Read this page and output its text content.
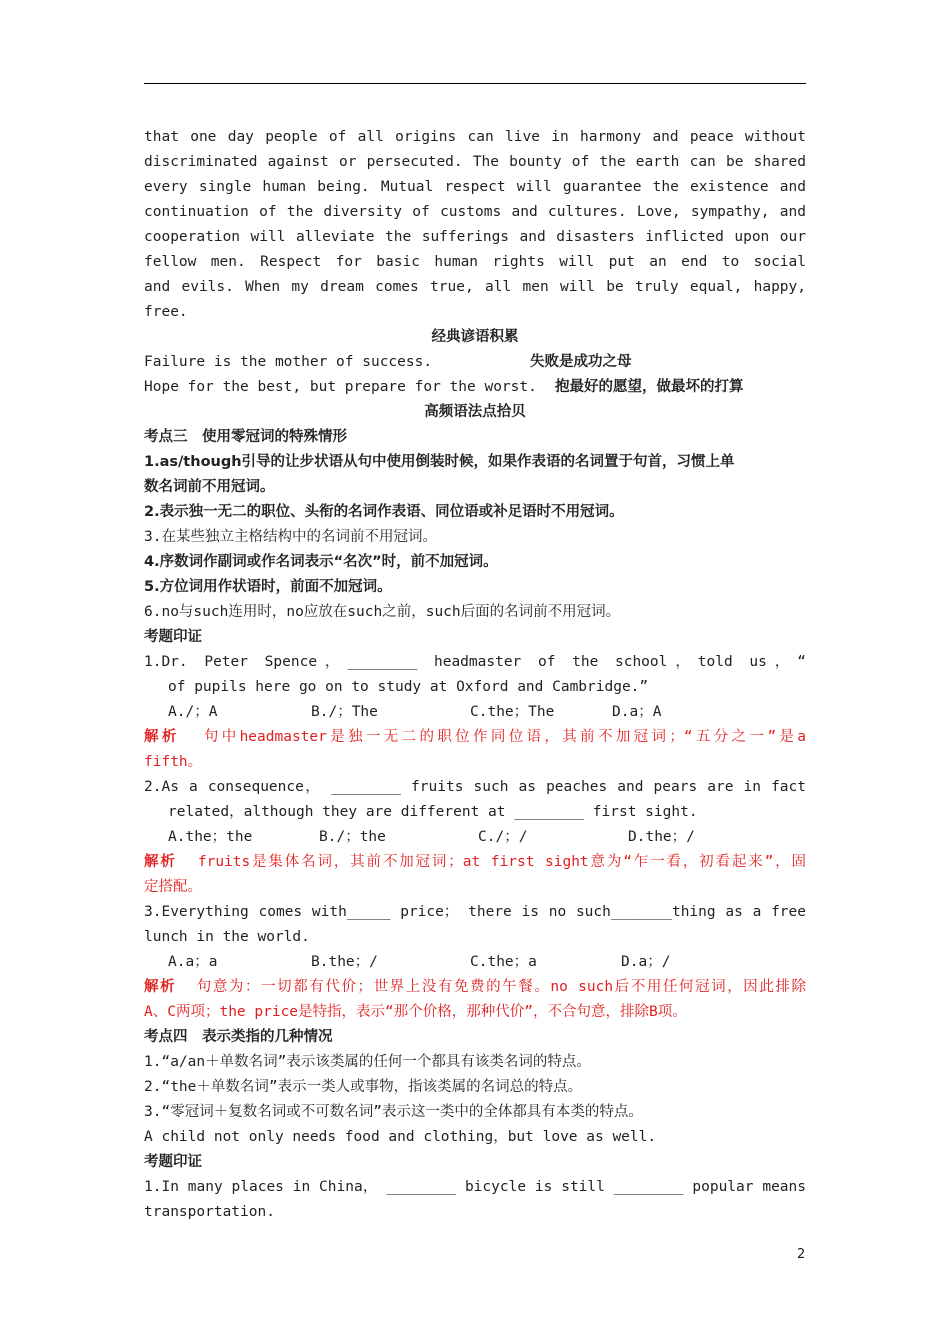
that one day people of all origins can live in harmony and peace without
discriminated against or persecuted. The bounty of the earth can be shared
every single human being. Mutual respect will guarantee the existence and
continuation of the diversity of customs and cultures. Love, sympathy, and
cooperation will alleviate the sufferings and disasters inflicted upon our
fellow men. Respect for basic human rights will put an end to social
and evils. When my dream comes true, all men will be truly equal, happy,
free.
经典谚语积累
Failure is the mother of success.	失败是成功之母
Hope for the best, but prepare for the worst. 抱最好的愿望，做最坏的打算
高频语法点拾贝
考点三　使用零冠词的特殊情形
1.as/though引导的让步状语从句中使用倒装时候，如果作表语的名词置于句首，习惯上单
数名词前不用冠词。
2.表示独一无二的职位、头衔的名词作表语、同位语或补足语时不用冠词。
3.在某些独立主格结构中的名词前不用冠词。
4.序数词作副词或作名词表示“名次”时，前不加冠词。
5.方位词用作状语时，前面不加冠词。
6.no与such连用时，no应放在such之前，such后面的名词前不用冠词。
考题印证
1.Dr. Peter Spence，________ headmaster of the school，told us，“
of pupils here go on to study at Oxford and Cambridge.”
A./；A	B./；The	C.the；The	D.a；A
解析 句中headmaster是独一无二的职位作同位语，其前不加冠词；“五分之一”是a
fifth。
2.As a consequence， ________ fruits such as peaches and pears are in fact
related，although they are different at ________ first sight.
A.the；the	B./；the	C./；/	D.the；/
解析 fruits是集体名词，其前不加冠词；at first sight意为“乍一看，初看起来”，固
定搭配。
3.Everything comes with_____ price； there is no such_______thing as a free
lunch in the world.
A.a；a	B.the；/	C.the；a	D.a；/
解析 句意为：一切都有代价；世界上没有免费的午餐。no such后不用任何冠词，因此排除
A、C两项；the price是特指，表示“那个价格，那种代价”，不合句意，排除B项。
考点四　表示类指的几种情况
1.“a/an＋单数名词”表示该类属的任何一个都具有该类名词的特点。
2.“the＋单数名词”表示一类人或事物，指该类属的名词总的特点。
3.“零冠词＋复数名词或不可数名词”表示这一类中的全体都具有本类的特点。
A child not only needs food and clothing，but love as well.
考题印证
1.In many places in China， ________ bicycle is still ________ popular means
transportation.
2
